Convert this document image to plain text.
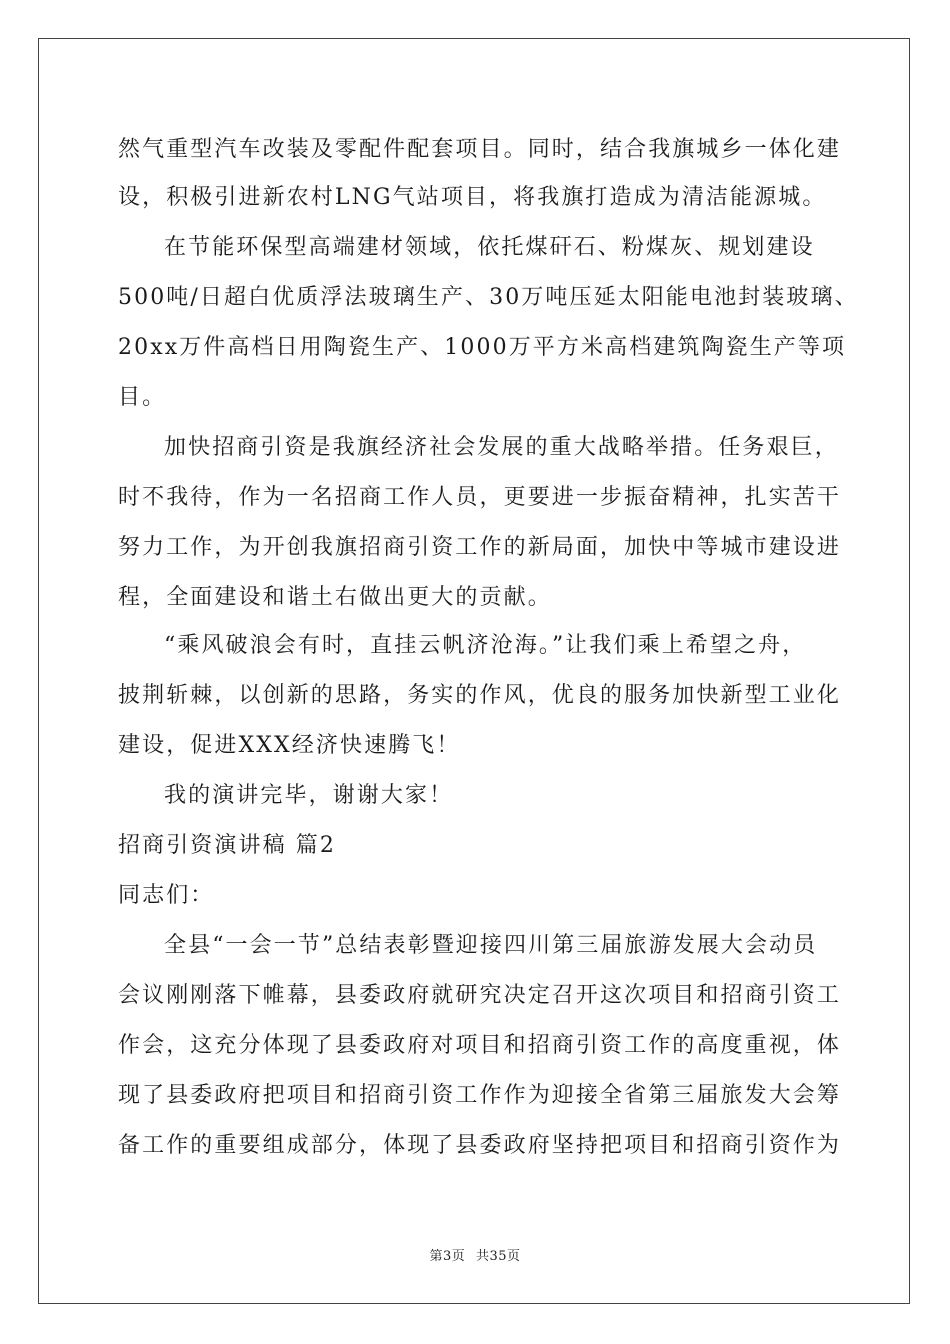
然气重型汽车改装及零配件配套项目。同时，结合我旗城乡一体化建
设，积极引进新农村LNG气站项目，将我旗打造成为清洁能源城。
在节能环保型高端建材领域，依托煤矸石、粉煤灰、规划建设
500吨/日超白优质浮法玻璃生产、30万吨压延太阳能电池封装玻璃、
20xx万件高档日用陶瓷生产、1000万平方米高档建筑陶瓷生产等项
目。
加快招商引资是我旗经济社会发展的重大战略举措。任务艰巨，
时不我待，作为一名招商工作人员，更要进一步振奋精神，扎实苦干
努力工作，为开创我旗招商引资工作的新局面，加快中等城市建设进
程，全面建设和谐土右做出更大的贡献。
“乘风破浪会有时，直挂云帆济沧海。”让我们乘上希望之舟，
披荆斩棘，以创新的思路，务实的作风，优良的服务加快新型工业化
建设，促进XXX经济快速腾飞！
我的演讲完毕，谢谢大家！
招商引资演讲稿 篇2
同志们：
全县“一会一节”总结表彰暨迎接四川第三届旅游发展大会动员
会议刚刚落下帷幕，县委政府就研究决定召开这次项目和招商引资工
作会，这充分体现了县委政府对项目和招商引资工作的高度重视，体
现了县委政府把项目和招商引资工作作为迎接全省第三届旅发大会筹
备工作的重要组成部分，体现了县委政府坚持把项目和招商引资作为
第3页 共35页
